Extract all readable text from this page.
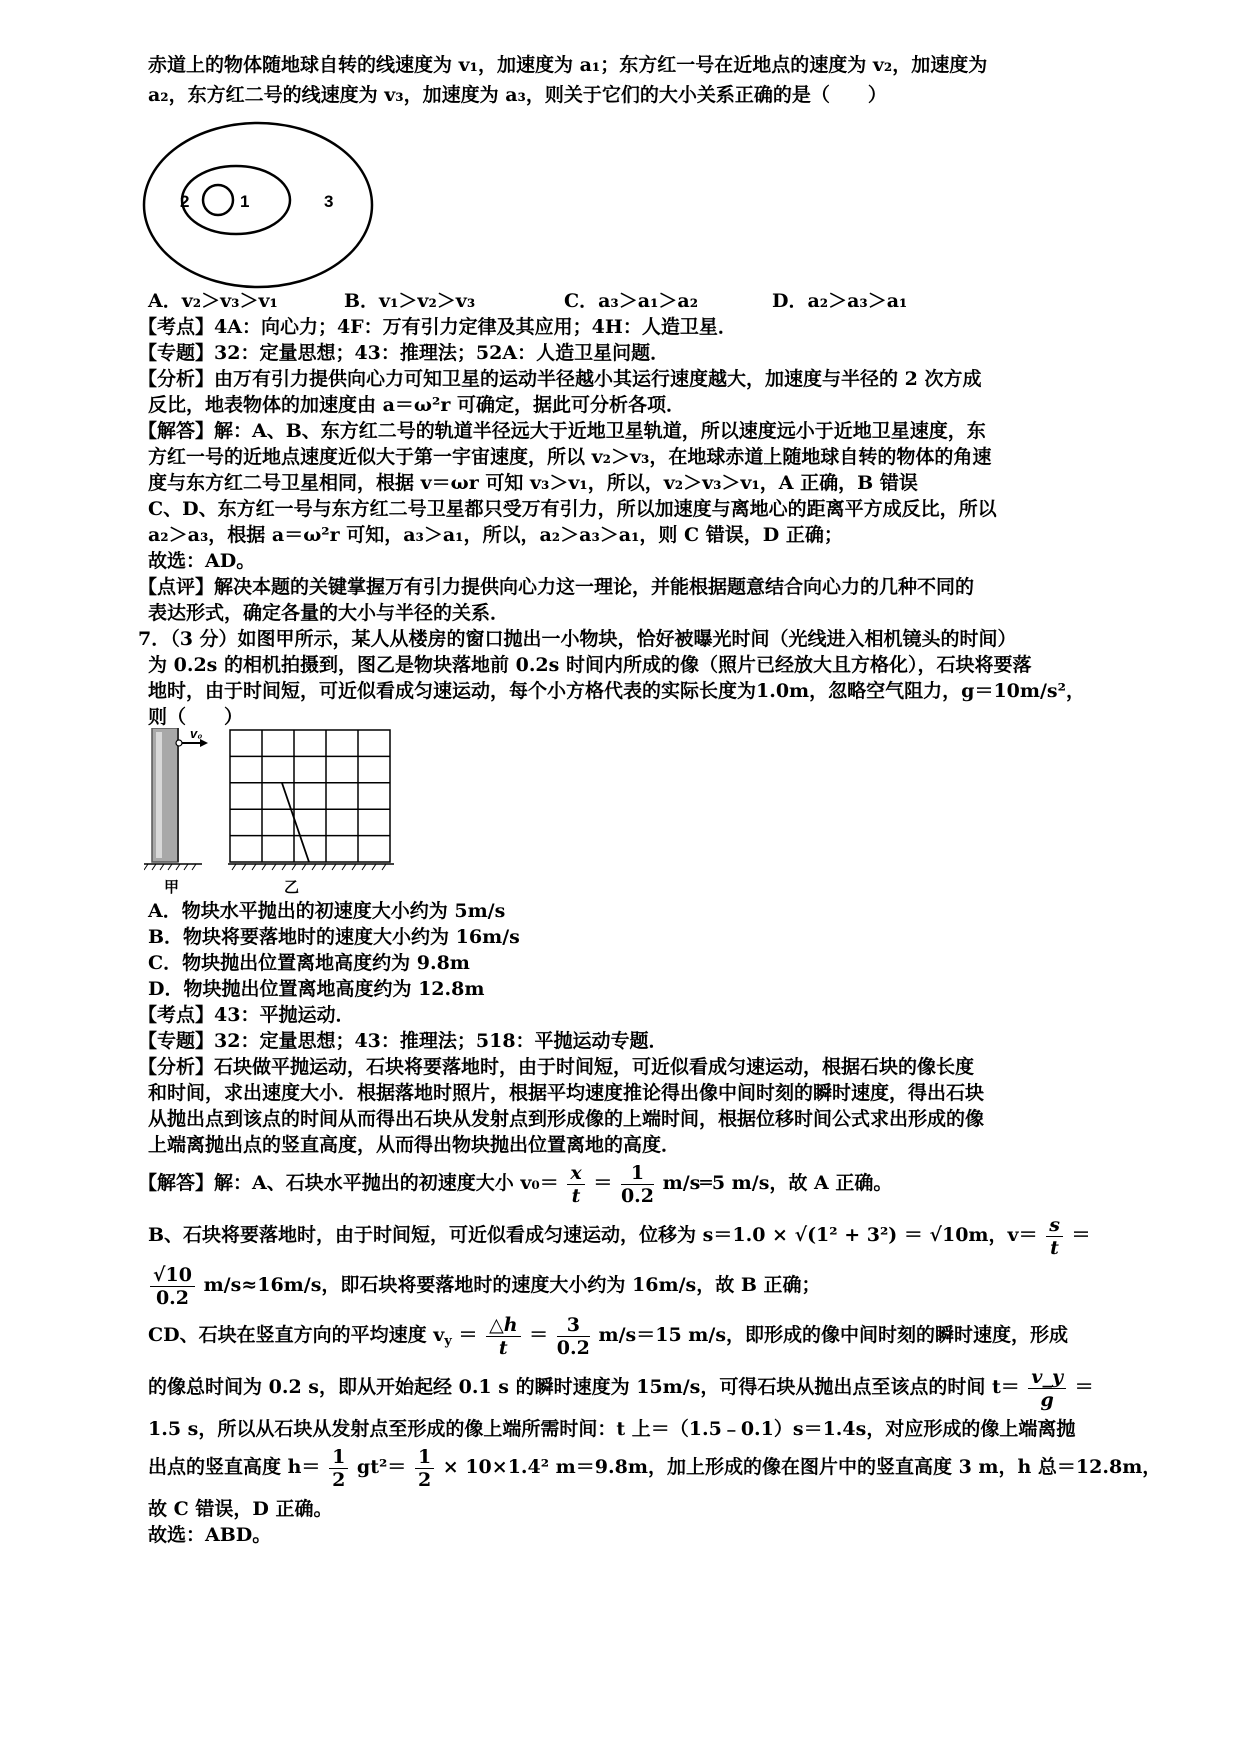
赤道上的物体随地球自转的线速度为 v₁，加速度为 a₁；东方红一号在近地点的速度为 v₂，加速度为
a₂，东方红二号的线速度为 v₃，加速度为 a₃，则关于它们的大小关系正确的是（　　）
2	1	3
A．v₂＞v₃＞v₁	B．v₁＞v₂＞v₃	C．a₃＞a₁＞a₂	D．a₂＞a₃＞a₁
【考点】4A：向心力；4F：万有引力定律及其应用；4H：人造卫星．
【专题】32：定量思想；43：推理法；52A：人造卫星问题．
【分析】由万有引力提供向心力可知卫星的运动半径越小其运行速度越大，加速度与半径的 2 次方成
反比，地表物体的加速度由 a＝ω²r 可确定，据此可分析各项．
【解答】解：A、B、东方红二号的轨道半径远大于近地卫星轨道，所以速度远小于近地卫星速度，东
方红一号的近地点速度近似大于第一宇宙速度，所以 v₂＞v₃，在地球赤道上随地球自转的物体的角速
度与东方红二号卫星相同，根据 v＝ωr 可知 v₃＞v₁，所以，v₂＞v₃＞v₁，A 正确，B 错误
C、D、东方红一号与东方红二号卫星都只受万有引力，所以加速度与离地心的距离平方成反比，所以
a₂＞a₃，根据 a＝ω²r 可知，a₃＞a₁，所以，a₂＞a₃＞a₁，则 C 错误，D 正确；
故选：AD。
【点评】解决本题的关键掌握万有引力提供向心力这一理论，并能根据题意结合向心力的几种不同的
表达形式，确定各量的大小与半径的关系．
7．（3 分）如图甲所示，某人从楼房的窗口抛出一小物块，恰好被曝光时间（光线进入相机镜头的时间）
为 0.2s 的相机拍摄到，图乙是物块落地前 0.2s 时间内所成的像（照片已经放大且方格化），石块将要落
地时，由于时间短，可近似看成匀速运动，每个小方格代表的实际长度为1.0m，忽略空气阻力，g＝10m/s²，
则（　　）
v₀
甲	乙
A．物块水平抛出的初速度大小约为 5m/s
B．物块将要落地时的速度大小约为 16m/s
C．物块抛出位置离地高度约为 9.8m
D．物块抛出位置离地高度约为 12.8m
【考点】43：平抛运动．
【专题】32：定量思想；43：推理法；518：平抛运动专题．
【分析】石块做平抛运动，石块将要落地时，由于时间短，可近似看成匀速运动，根据石块的像长度
和时间，求出速度大小．根据落地时照片，根据平均速度推论得出像中间时刻的瞬时速度，得出石块
从抛出点到该点的时间从而得出石块从发射点到形成像的上端时间，根据位移时间公式求出形成的像
上端离抛出点的竖直高度，从而得出物块抛出位置离地的高度．
【解答】解：A、石块水平抛出的初速度大小 $v_0= \frac{x}{t} = \frac{1}{0.2}$ m/s═5 m/s，故 A 正确。
B、石块将要落地时，由于时间短，可近似看成匀速运动，位移为 s＝1.0 × √(1² + 3²) ＝ √10m，$v= \frac{s}{t}$ ＝
$\frac{√10}{0.2} m/s\approx 16m/s$，即石块将要落地时的速度大小约为 16m/s，故 B 正确；
CD、石块在竖直方向的平均速度 $v_y = \frac{\triangle h}{t} = \frac{3}{0.2} m/s=15$ m/s，即形成的像中间时刻的瞬时速度，形成
的像总时间为 0.2 s，即从开始起经 0.1 s 的瞬时速度为 15m/s，可得石块从抛出点至该点的时间 $t= \frac{v\_y}{g}$ ＝
1.5 s，所以从石块从发射点至形成的像上端所需时间：t 上＝（1.5﹣0.1）s＝1.4s，对应形成的像上端离抛
出点的竖直高度 $h= \frac{1}{2} gt^2= \frac{1}{2} \times 10\times 1.4^2$ m＝9.8m，加上形成的像在图片中的竖直高度 3 m，h 总＝12.8m，
故 C 错误，D 正确。
故选：ABD。
